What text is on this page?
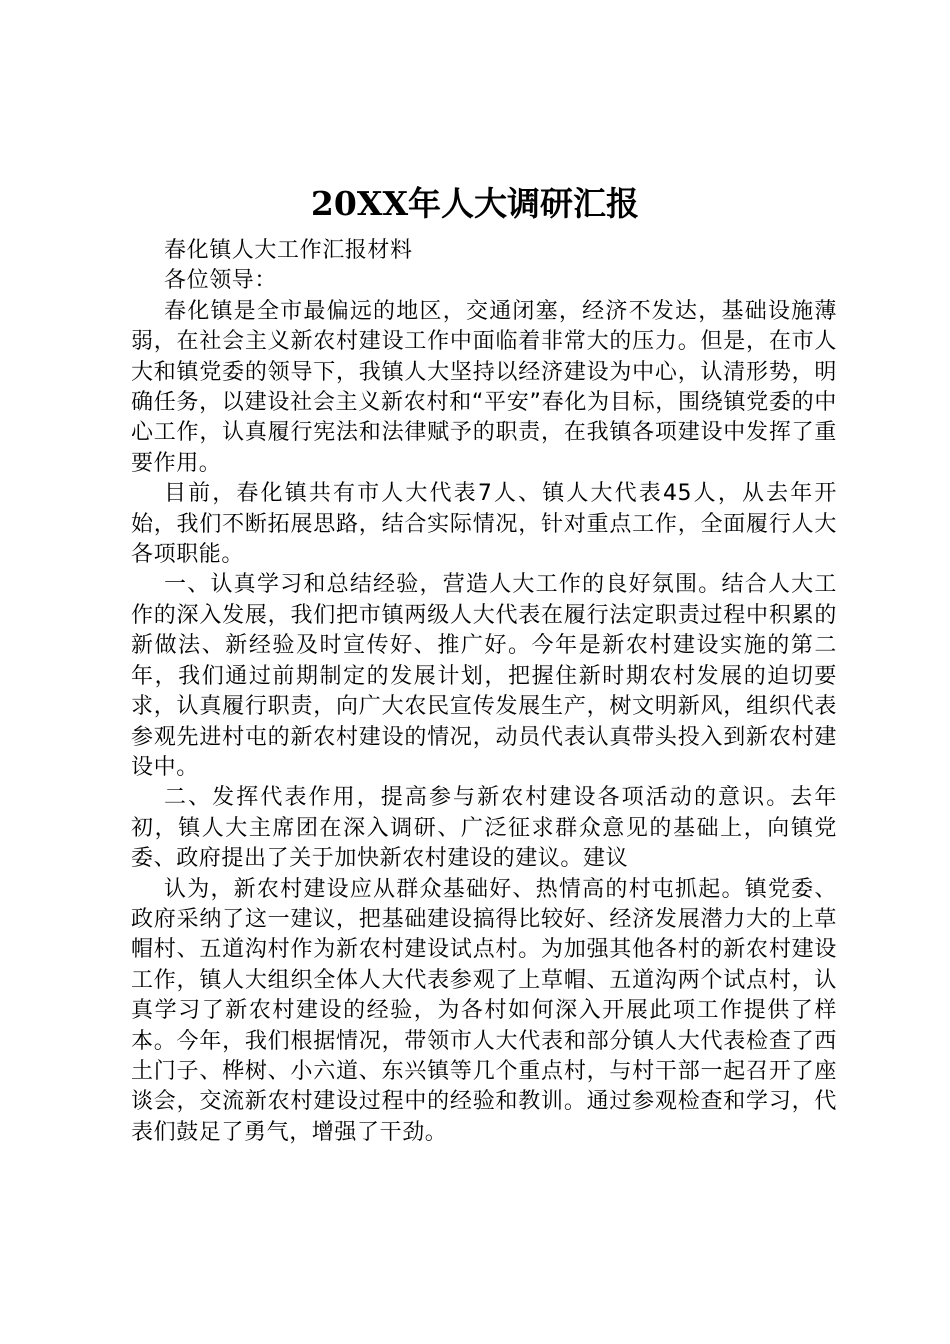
20XX年人大调研汇报

春化镇人大工作汇报材料

各位领导：

春化镇是全市最偏远的地区，交通闭塞，经济不发达，基础设施薄弱，在社会主义新农村建设工作中面临着非常大的压力。但是，在市人大和镇党委的领导下，我镇人大坚持以经济建设为中心，认清形势，明确任务，以建设社会主义新农村和“平安”春化为目标，围绕镇党委的中心工作，认真履行宪法和法律赋予的职责，在我镇各项建设中发挥了重要作用。

目前，春化镇共有市人大代表7人、镇人大代表45人，从去年开始，我们不断拓展思路，结合实际情况，针对重点工作，全面履行人大各项职能。

一、认真学习和总结经验，营造人大工作的良好氛围。结合人大工作的深入发展，我们把市镇两级人大代表在履行法定职责过程中积累的新做法、新经验及时宣传好、推广好。今年是新农村建设实施的第二年，我们通过前期制定的发展计划，把握住新时期农村发展的迫切要求，认真履行职责，向广大农民宣传发展生产，树文明新风，组织代表参观先进村屯的新农村建设的情况，动员代表认真带头投入到新农村建设中。

二、发挥代表作用，提高参与新农村建设各项活动的意识。去年初，镇人大主席团在深入调研、广泛征求群众意见的基础上，向镇党委、政府提出了关于加快新农村建设的建议。建议

认为，新农村建设应从群众基础好、热情高的村屯抓起。镇党委、政府采纳了这一建议，把基础建设搞得比较好、经济发展潜力大的上草帽村、五道沟村作为新农村建设试点村。为加强其他各村的新农村建设工作，镇人大组织全体人大代表参观了上草帽、五道沟两个试点村，认真学习了新农村建设的经验，为各村如何深入开展此项工作提供了样本。今年，我们根据情况，带领市人大代表和部分镇人大代表检查了西土门子、桦树、小六道、东兴镇等几个重点村，与村干部一起召开了座谈会，交流新农村建设过程中的经验和教训。通过参观检查和学习，代表们鼓足了勇气，增强了干劲。
